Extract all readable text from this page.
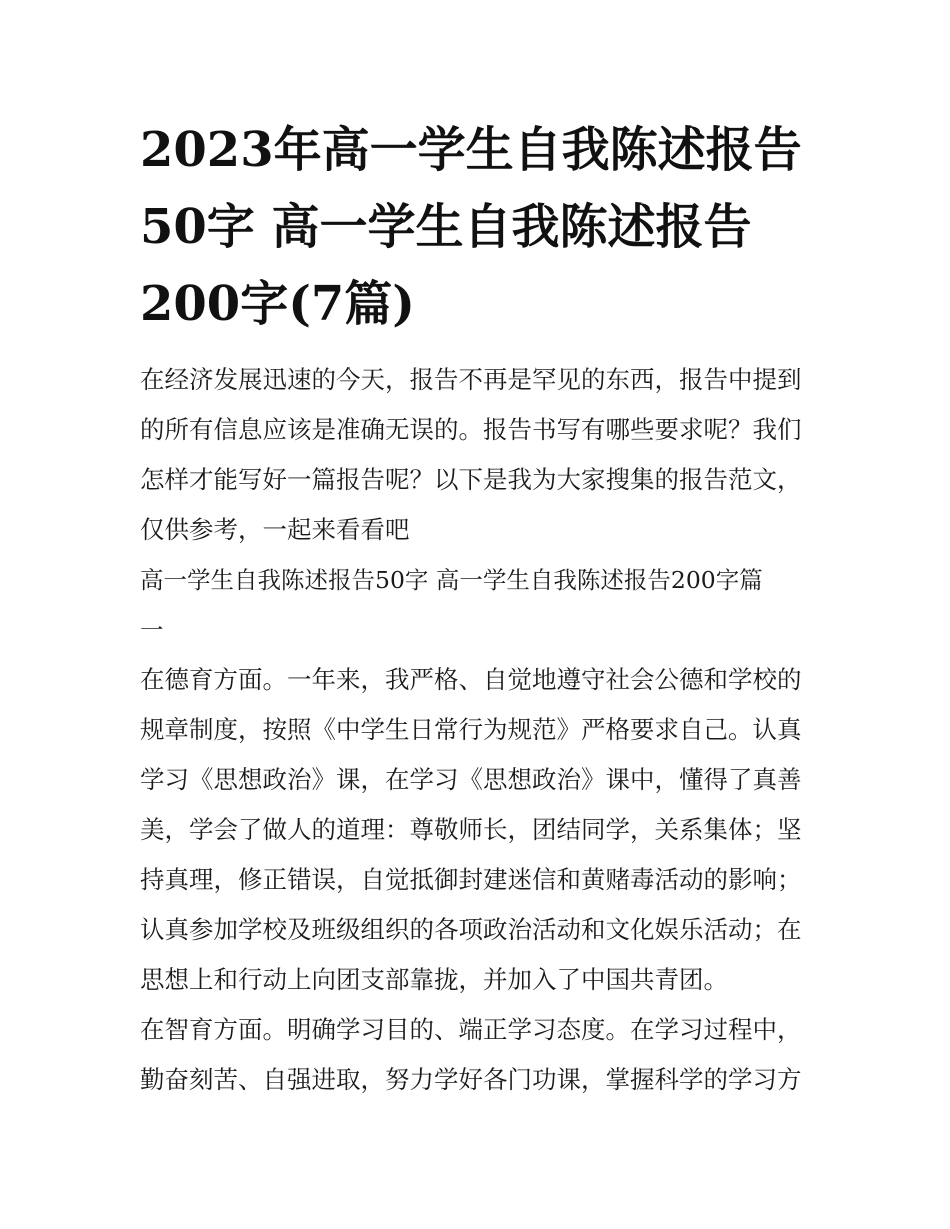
2023年高一学生自我陈述报告
50字 高一学生自我陈述报告
200字(7篇)

在经济发展迅速的今天，报告不再是罕见的东西，报告中提到
的所有信息应该是准确无误的。报告书写有哪些要求呢？我们
怎样才能写好一篇报告呢？以下是我为大家搜集的报告范文，
仅供参考，一起来看看吧

高一学生自我陈述报告50字 高一学生自我陈述报告200字篇
一

在德育方面。一年来，我严格、自觉地遵守社会公德和学校的
规章制度，按照《中学生日常行为规范》严格要求自己。认真
学习《思想政治》课，在学习《思想政治》课中，懂得了真善
美，学会了做人的道理：尊敬师长，团结同学，关系集体；坚
持真理，修正错误，自觉抵御封建迷信和黄赌毒活动的影响；
认真参加学校及班级组织的各项政治活动和文化娱乐活动；在
思想上和行动上向团支部靠拢，并加入了中国共青团。

在智育方面。明确学习目的、端正学习态度。在学习过程中，
勤奋刻苦、自强进取，努力学好各门功课，掌握科学的学习方
